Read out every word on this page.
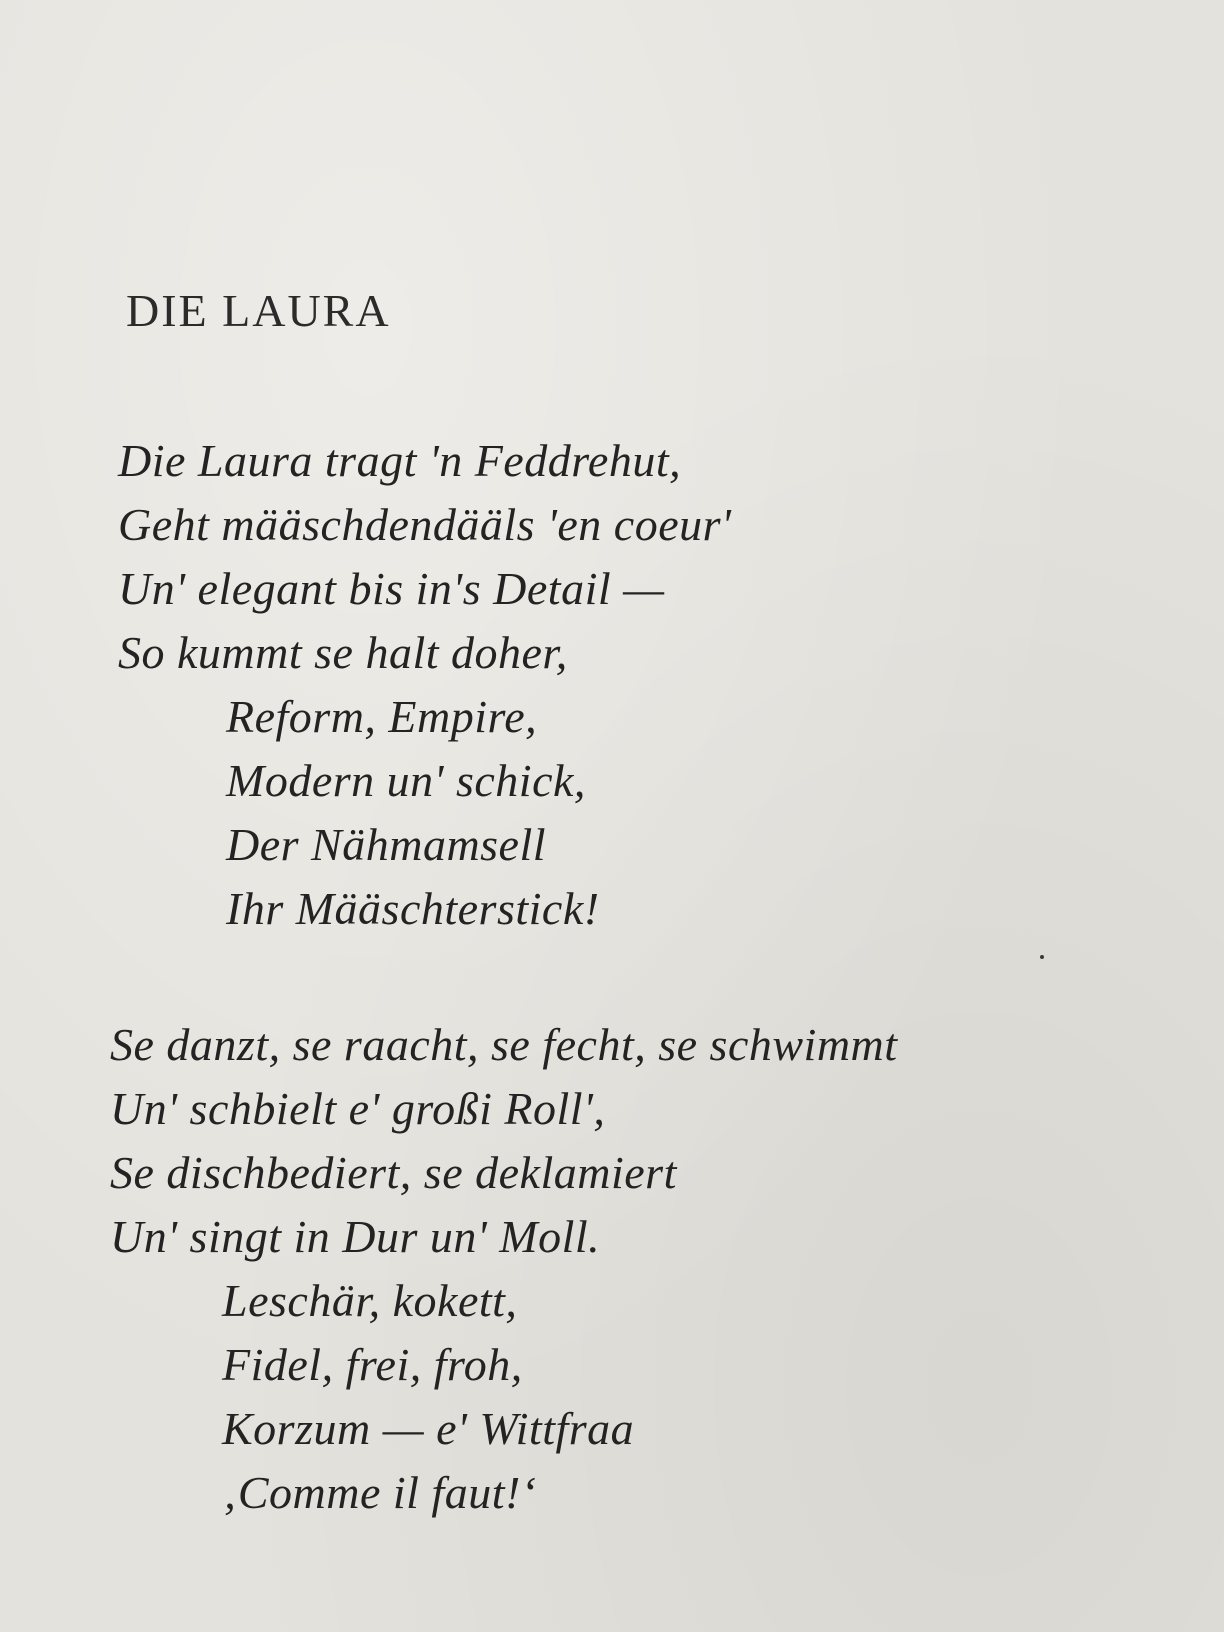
DIE LAURA
Die Laura tragt 'n Feddrehut,
Geht määschdendääls 'en coeur'
Un' elegant bis in's Detail —
So kummt se halt doher,
Reform, Empire,
Modern un' schick,
Der Nähmamsell
Ihr Määschterstick!
Se danzt, se raacht, se fecht, se schwimmt
Un' schbielt e' großi Roll',
Se dischbediert, se deklamiert
Un' singt in Dur un' Moll.
Leschär, kokett,
Fidel, frei, froh,
Korzum — e' Wittfraa
‚Comme il faut!‘
